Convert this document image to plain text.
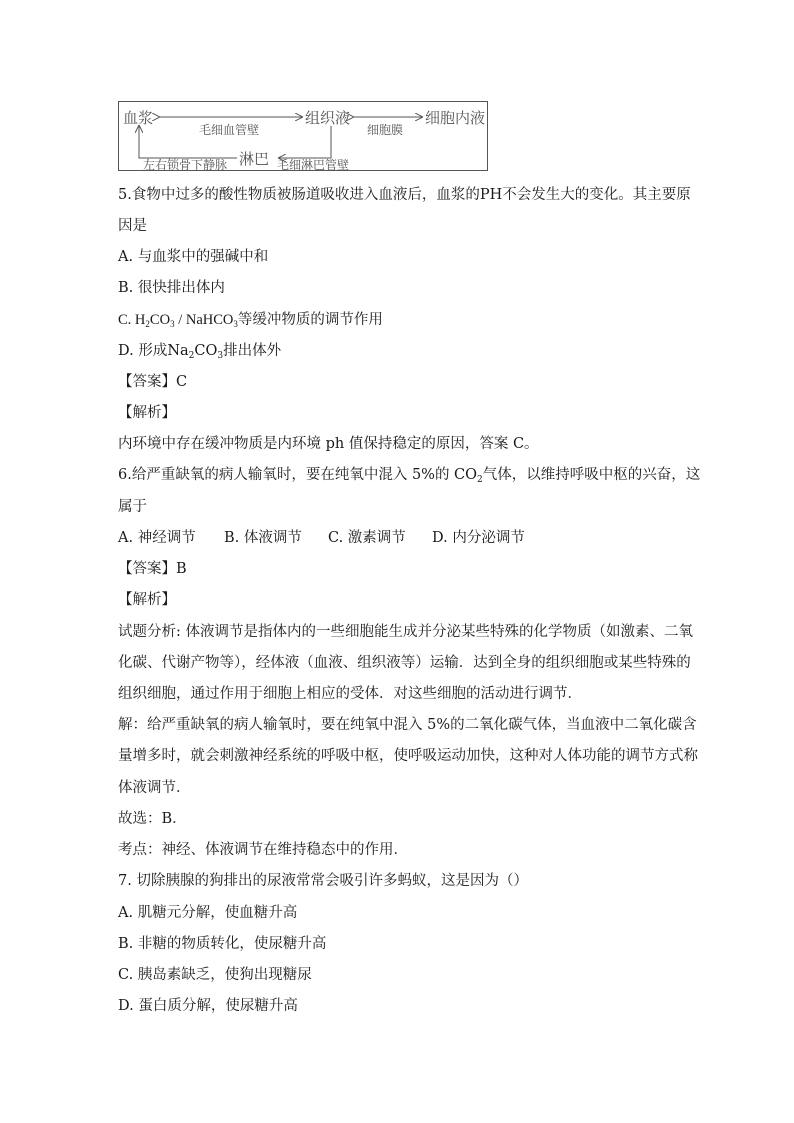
血浆	组织液	细胞内液
淋巴
毛细血管壁	细胞膜
毛细淋巴管壁
左右锁骨下静脉
5.食物中过多的酸性物质被肠道吸收进入血液后，血浆的PH不会发生大的变化。其主要原
因是
A. 与血浆中的强碱中和
B. 很快排出体内
C. $H_2CO_3$ / NaHCO$_3$等缓冲物质的调节作用
D. 形成$Na_2CO_3$排出体外
【答案】C
【解析】
内环境中存在缓冲物质是内环境 ph 值保持稳定的原因，答案 C。
6.给严重缺氧的病人输氧时，要在纯氧中混入 5%的 $CO_2$气体，以维持呼吸中枢的兴奋，这
属于
A. 神经调节 B. 体液调节 C. 激素调节 D. 内分泌调节
【答案】B
【解析】
试题分析: 体液调节是指体内的一些细胞能生成并分泌某些特殊的化学物质（如激素、二氧
化碳、代谢产物等），经体液（血液、组织液等）运输．达到全身的组织细胞或某些特殊的
组织细胞，通过作用于细胞上相应的受体．对这些细胞的活动进行调节．
解：给严重缺氧的病人输氧时，要在纯氧中混入 5%的二氧化碳气体，当血液中二氧化碳含
量增多时，就会刺激神经系统的呼吸中枢，使呼吸运动加快，这种对人体功能的调节方式称
体液调节．
故选：B．
考点：神经、体液调节在维持稳态中的作用．
7. 切除胰腺的狗排出的尿液常常会吸引许多蚂蚁，这是因为（）
A. 肌糖元分解，使血糖升高
B. 非糖的物质转化，使尿糖升高
C. 胰岛素缺乏，使狗出现糖尿
D. 蛋白质分解，使尿糖升高
